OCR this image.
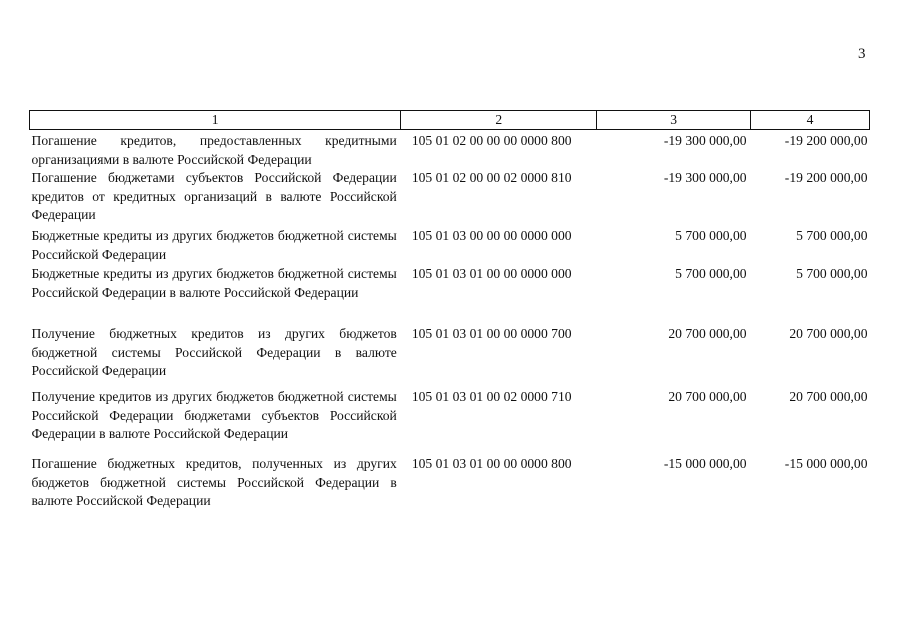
3
1	2	3	4
Погашение кредитов, предоставленных кредитными организациями в валюте Российской Федерации	105 01 02 00 00 00 0000 800	-19 300 000,00	-19 200 000,00
Погашение бюджетами субъектов Российской Федерации кредитов от кредитных организаций в валюте Российской Федерации	105 01 02 00 00 02 0000 810	-19 300 000,00	-19 200 000,00
Бюджетные кредиты из других бюджетов бюджетной системы Российской Федерации	105 01 03 00 00 00 0000 000	5 700 000,00	5 700 000,00
Бюджетные кредиты из других бюджетов бюджетной системы Российской Федерации в валюте Российской Федерации	105 01 03 01 00 00 0000 000	5 700 000,00	5 700 000,00
Получение бюджетных кредитов из других бюджетов бюджетной системы Российской Федерации в валюте Российской Федерации	105 01 03 01 00 00 0000 700	20 700 000,00	20 700 000,00
Получение кредитов из других бюджетов бюджетной системы Российской Федерации бюджетами субъектов Российской Федерации в валюте Российской Федерации	105 01 03 01 00 02 0000 710	20 700 000,00	20 700 000,00
Погашение бюджетных кредитов, полученных из других бюджетов бюджетной системы Российской Федерации в валюте Российской Федерации	105 01 03 01 00 00 0000 800	-15 000 000,00	-15 000 000,00
